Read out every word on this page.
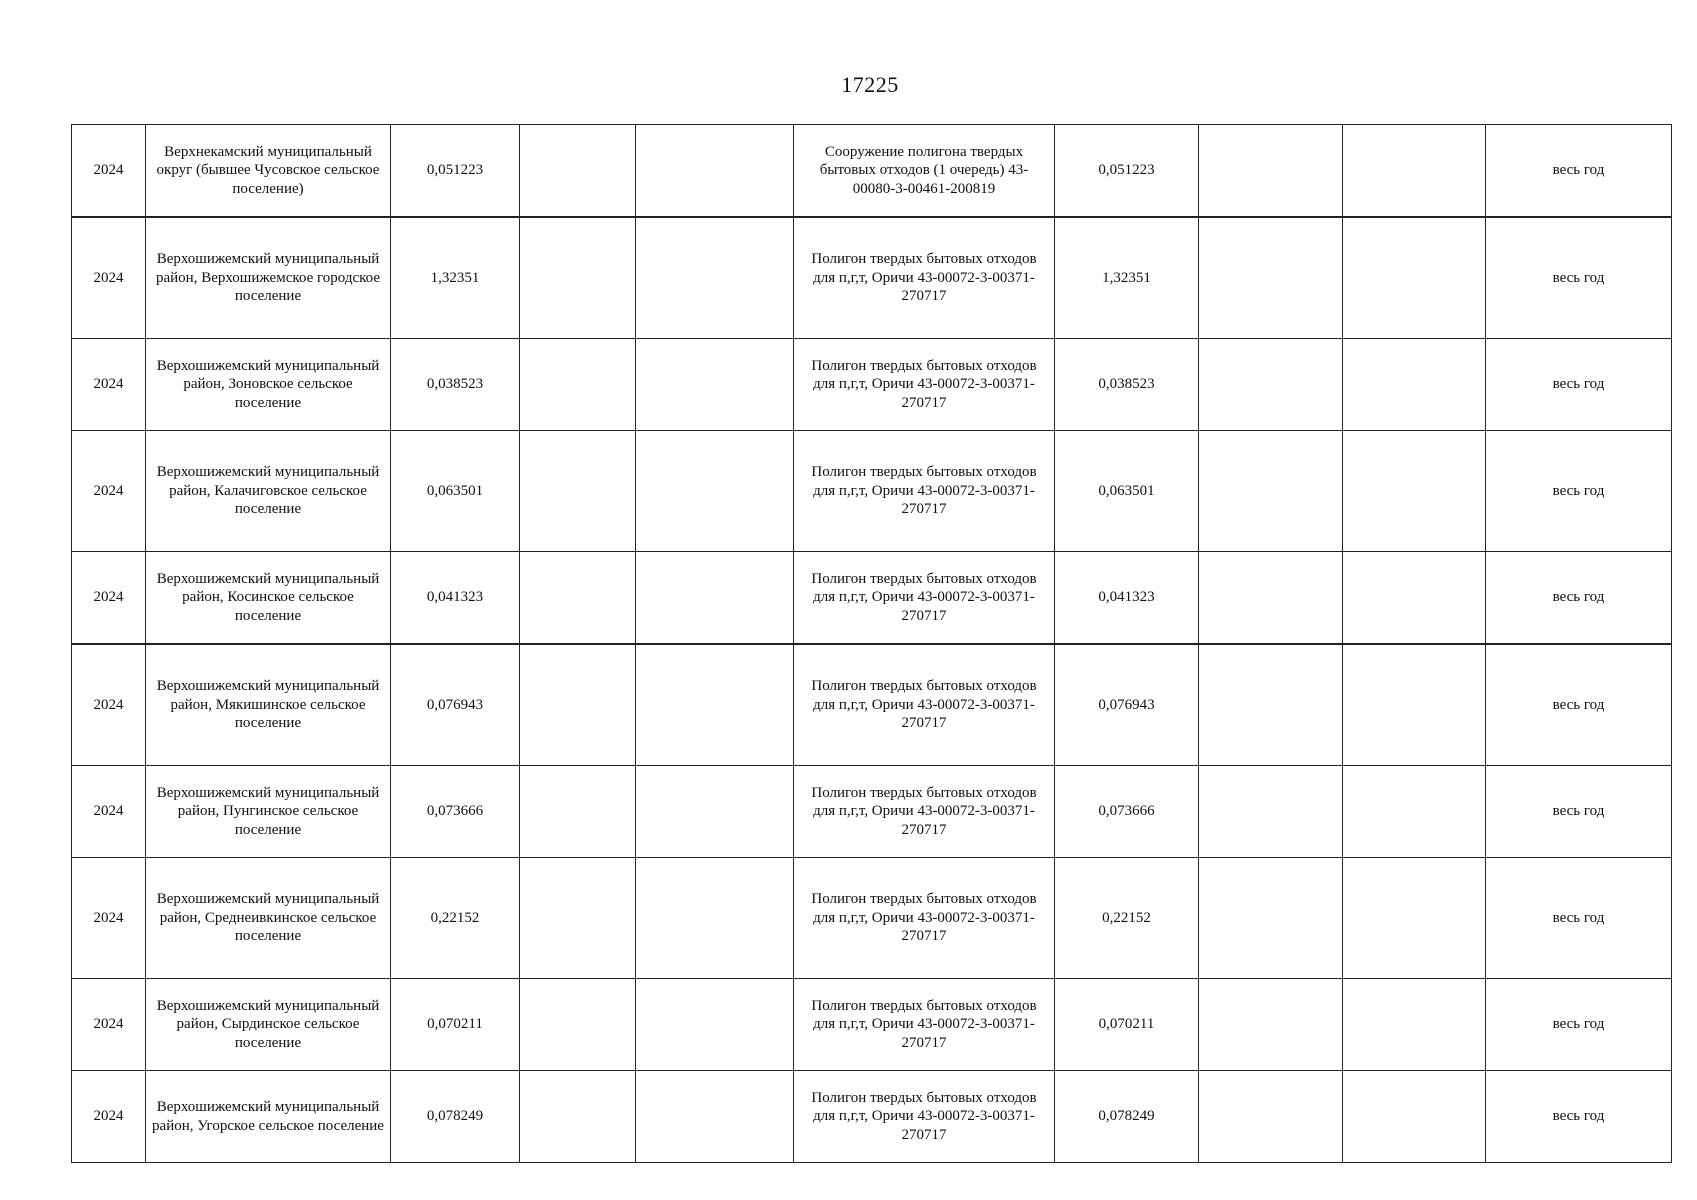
17225
2024	Верхнекамский муниципальный округ (бывшее Чусовское сельское поселение)	0,051223			Сооружение полигона твердых бытовых отходов (1 очередь) 43-00080-3-00461-200819	0,051223			весь год
2024	Верхошижемский муниципальный район, Верхошижемское городское поселение	1,32351			Полигон твердых бытовых отходов для п,г,т, Оричи 43-00072-3-00371-270717	1,32351			весь год
2024	Верхошижемский муниципальный район, Зоновское сельское поселение	0,038523			Полигон твердых бытовых отходов для п,г,т, Оричи 43-00072-3-00371-270717	0,038523			весь год
2024	Верхошижемский муниципальный район, Калачиговское сельское поселение	0,063501			Полигон твердых бытовых отходов для п,г,т, Оричи 43-00072-3-00371-270717	0,063501			весь год
2024	Верхошижемский муниципальный район, Косинское сельское поселение	0,041323			Полигон твердых бытовых отходов для п,г,т, Оричи 43-00072-3-00371-270717	0,041323			весь год
2024	Верхошижемский муниципальный район, Мякишинское сельское поселение	0,076943			Полигон твердых бытовых отходов для п,г,т, Оричи 43-00072-3-00371-270717	0,076943			весь год
2024	Верхошижемский муниципальный район, Пунгинское сельское поселение	0,073666			Полигон твердых бытовых отходов для п,г,т, Оричи 43-00072-3-00371-270717	0,073666			весь год
2024	Верхошижемский муниципальный район, Среднеивкинское сельское поселение	0,22152			Полигон твердых бытовых отходов для п,г,т, Оричи 43-00072-3-00371-270717	0,22152			весь год
2024	Верхошижемский муниципальный район, Сырдинское сельское поселение	0,070211			Полигон твердых бытовых отходов для п,г,т, Оричи 43-00072-3-00371-270717	0,070211			весь год
2024	Верхошижемский муниципальный район, Угорское сельское поселение	0,078249			Полигон твердых бытовых отходов для п,г,т, Оричи 43-00072-3-00371-270717	0,078249			весь год
